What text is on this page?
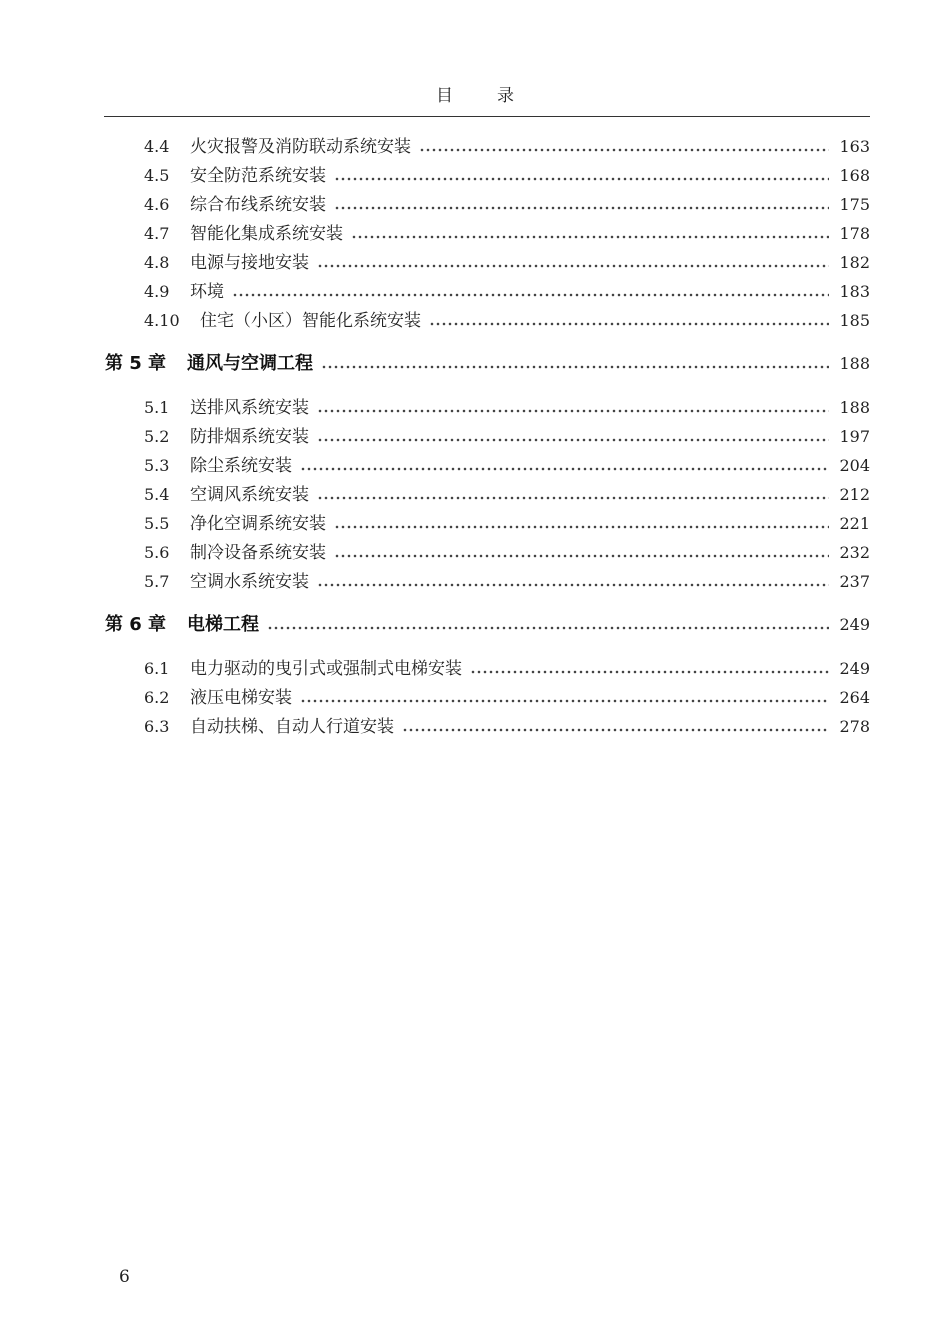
目录
4.4	火灾报警及消防联动系统安装	163
4.5	安全防范系统安装	168
4.6	综合布线系统安装	175
4.7	智能化集成系统安装	178
4.8	电源与接地安装	182
4.9	环境	183
4.10	住宅（小区）智能化系统安装	185
第 5 章	通风与空调工程	188
5.1	送排风系统安装	188
5.2	防排烟系统安装	197
5.3	除尘系统安装	204
5.4	空调风系统安装	212
5.5	净化空调系统安装	221
5.6	制冷设备系统安装	232
5.7	空调水系统安装	237
第 6 章	电梯工程	249
6.1	电力驱动的曳引式或强制式电梯安装	249
6.2	液压电梯安装	264
6.3	自动扶梯、自动人行道安装	278
6
